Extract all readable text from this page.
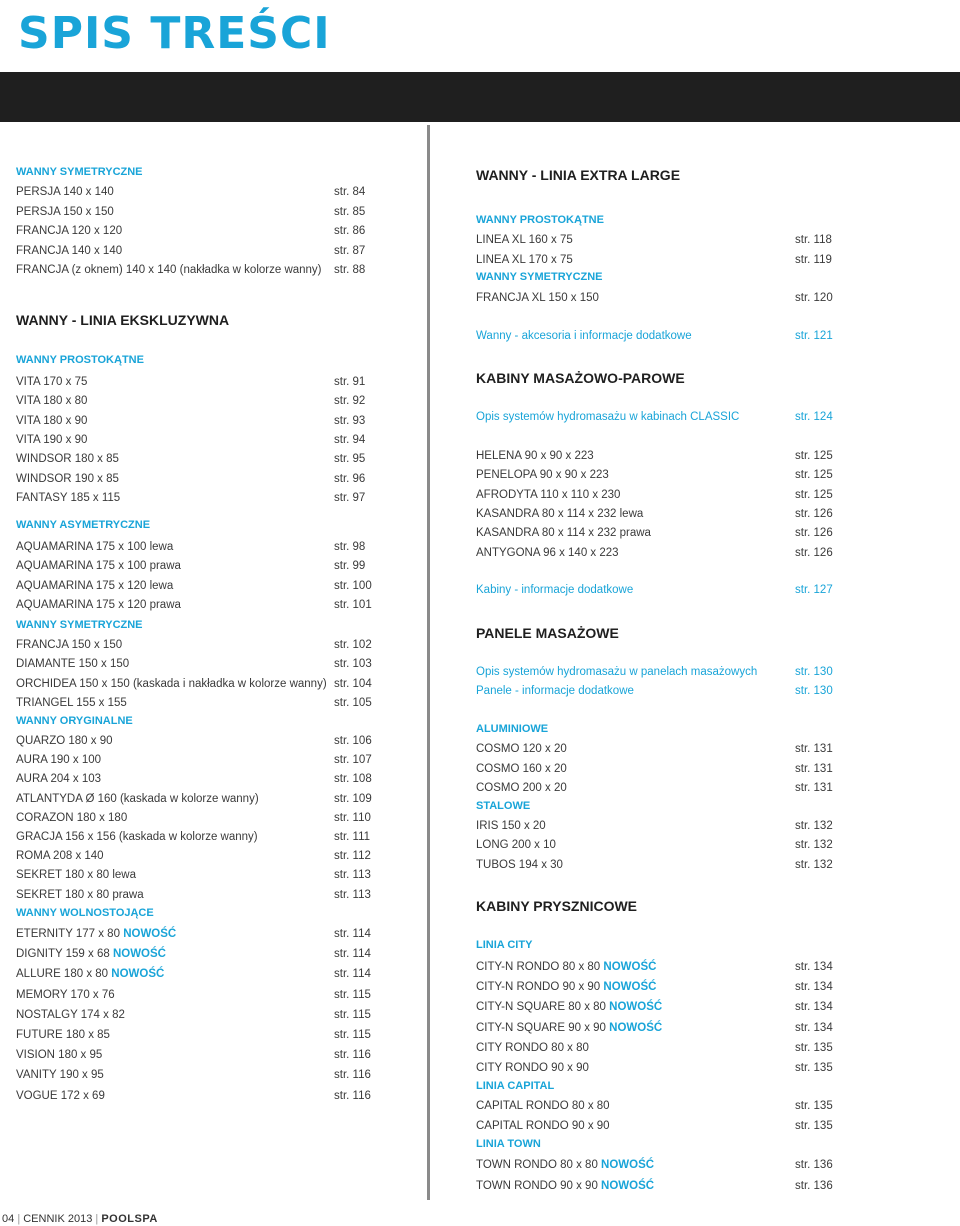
SPIS TREŚCI
WANNY SYMETRYCZNE
PERSJA 140 x 140	str. 84
PERSJA 150 x 150	str. 85
FRANCJA 120 x 120	str. 86
FRANCJA 140 x 140	str. 87
FRANCJA (z oknem) 140 x 140 (nakładka w kolorze wanny) str. 88
WANNY - LINIA EKSKLUZYWNA
WANNY PROSTOKĄTNE
VITA 170 x 75	str. 91
VITA 180 x 80	str. 92
VITA 180 x 90	str. 93
VITA 190 x 90	str. 94
WINDSOR 180 x 85	str. 95
WINDSOR 190 x 85	str. 96
FANTASY 185 x 115	str. 97
WANNY ASYMETRYCZNE
AQUAMARINA 175 x 100 lewa	str. 98
AQUAMARINA 175 x 100 prawa	str. 99
AQUAMARINA 175 x 120 lewa	str. 100
AQUAMARINA 175 x 120 prawa	str. 101
WANNY SYMETRYCZNE
FRANCJA 150 x 150	str. 102
DIAMANTE 150 x 150	str. 103
ORCHIDEA 150 x 150 (kaskada i nakładka w kolorze wanny) str. 104
TRIANGEL 155 x 155	str. 105
WANNY ORYGINALNE
QUARZO 180 x 90	str. 106
AURA 190 x 100	str. 107
AURA 204 x 103	str. 108
ATLANTYDA Ø 160 (kaskada w kolorze wanny)	str. 109
CORAZON 180 x 180	str. 110
GRACJA 156 x 156 (kaskada w kolorze wanny)	str. 111
ROMA 208 x 140	str. 112
SEKRET 180 x 80 lewa	str. 113
SEKRET 180 x 80 prawa	str. 113
WANNY WOLNOSTOJĄCE
ETERNITY 177 x 80 NOWOŚĆ	str. 114
DIGNITY 159 x 68 NOWOŚĆ	str. 114
ALLURE 180 x 80 NOWOŚĆ	str. 114
MEMORY 170 x 76	str. 115
NOSTALGY 174 x 82	str. 115
FUTURE 180 x 85	str. 115
VISION 180 x 95	str. 116
VANITY 190 x 95	str. 116
VOGUE 172 x 69	str. 116
WANNY - LINIA EXTRA LARGE
WANNY PROSTOKĄTNE
LINEA XL 160 x 75	str. 118
LINEA XL 170 x 75	str. 119
WANNY SYMETRYCZNE
FRANCJA XL 150 x 150	str. 120
Wanny - akcesoria i informacje dodatkowe	str. 121
KABINY MASAŻOWO-PAROWE
Opis systemów hydromasażu w kabinach CLASSIC	str. 124
HELENA 90 x 90 x 223	str. 125
PENELOPA 90 x 90 x 223	str. 125
AFRODYTA 110 x 110 x 230	str. 125
KASANDRA 80 x 114 x 232 lewa	str. 126
KASANDRA 80 x 114 x 232 prawa	str. 126
ANTYGONA 96 x 140 x 223	str. 126
Kabiny - informacje dodatkowe	str. 127
PANELE MASAŻOWE
Opis systemów hydromasażu w panelach masażowych	str. 130
Panele - informacje dodatkowe	str. 130
ALUMINIOWE
COSMO 120 x 20	str. 131
COSMO 160 x 20	str. 131
COSMO 200 x 20	str. 131
STALOWE
IRIS 150 x 20	str. 132
LONG 200 x 10	str. 132
TUBOS 194 x 30	str. 132
KABINY PRYSZNICOWE
LINIA CITY
CITY-N RONDO 80 x 80 NOWOŚĆ	str. 134
CITY-N RONDO 90 x 90 NOWOŚĆ	str. 134
CITY-N SQUARE 80 x 80 NOWOŚĆ	str. 134
CITY-N SQUARE 90 x 90 NOWOŚĆ	str. 134
CITY RONDO 80 x 80	str. 135
CITY RONDO 90 x 90	str. 135
LINIA CAPITAL
CAPITAL RONDO 80 x 80	str. 135
CAPITAL RONDO 90 x 90	str. 135
LINIA TOWN
TOWN RONDO 80 x 80 NOWOŚĆ	str. 136
TOWN RONDO 90 x 90 NOWOŚĆ	str. 136
04 | CENNIK 2013 | POOLSPA
